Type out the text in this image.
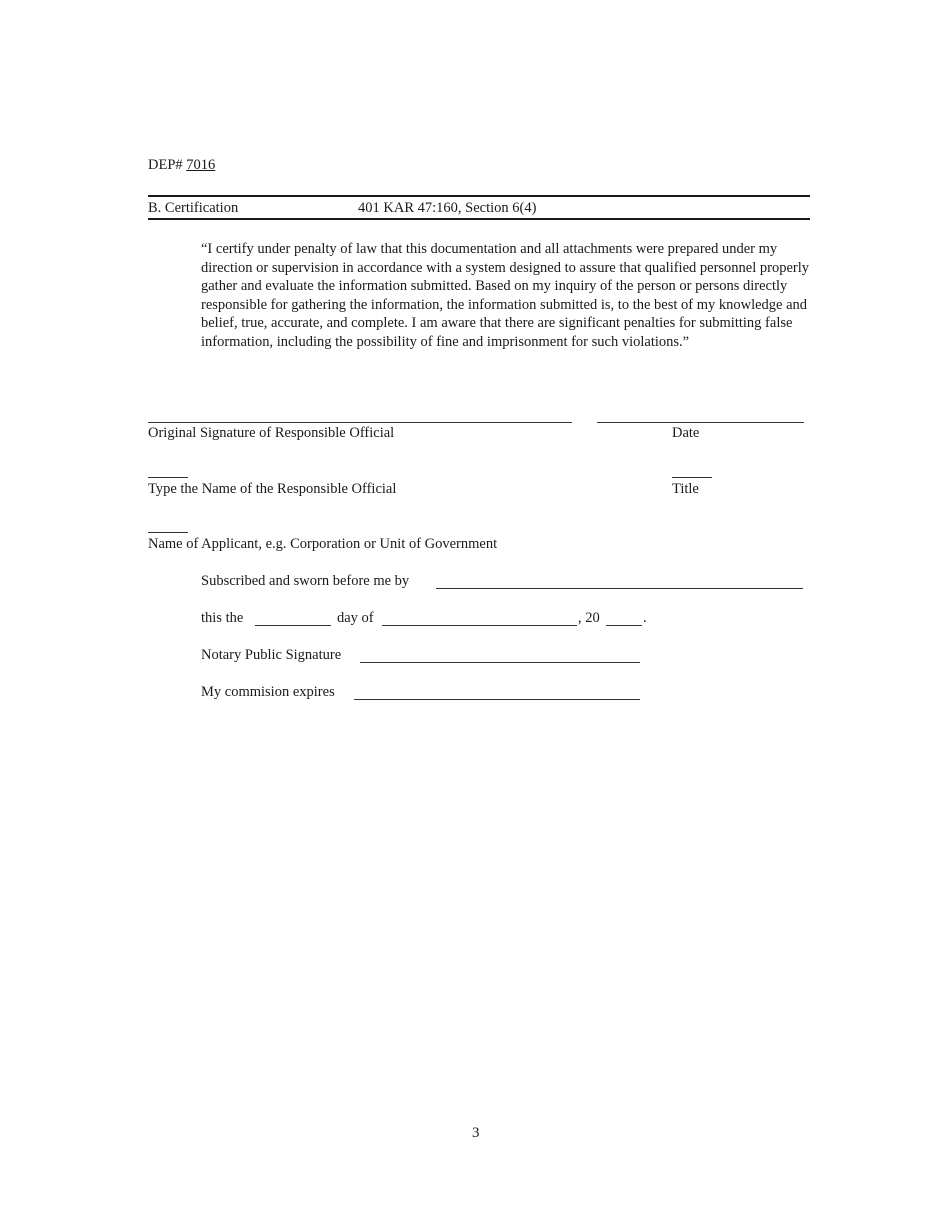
DEP# 7016
B. Certification	401 KAR 47:160, Section 6(4)

“I certify under penalty of law that this documentation and all attachments were prepared under my direction or supervision in accordance with a system designed to assure that qualified personnel properly gather and evaluate the information submitted. Based on my inquiry of the person or persons directly responsible for gathering the information, the information submitted is, to the best of my knowledge and belief, true, accurate, and complete. I am aware that there are significant penalties for submitting false information, including the possibility of fine and imprisonment for such violations.”

Original Signature of Responsible Official	Date
Type the Name of the Responsible Official	Title
Name of Applicant, e.g. Corporation or Unit of Government
Subscribed and sworn before me by
this the	day of	, 20	.
Notary Public Signature
My commision expires
3
